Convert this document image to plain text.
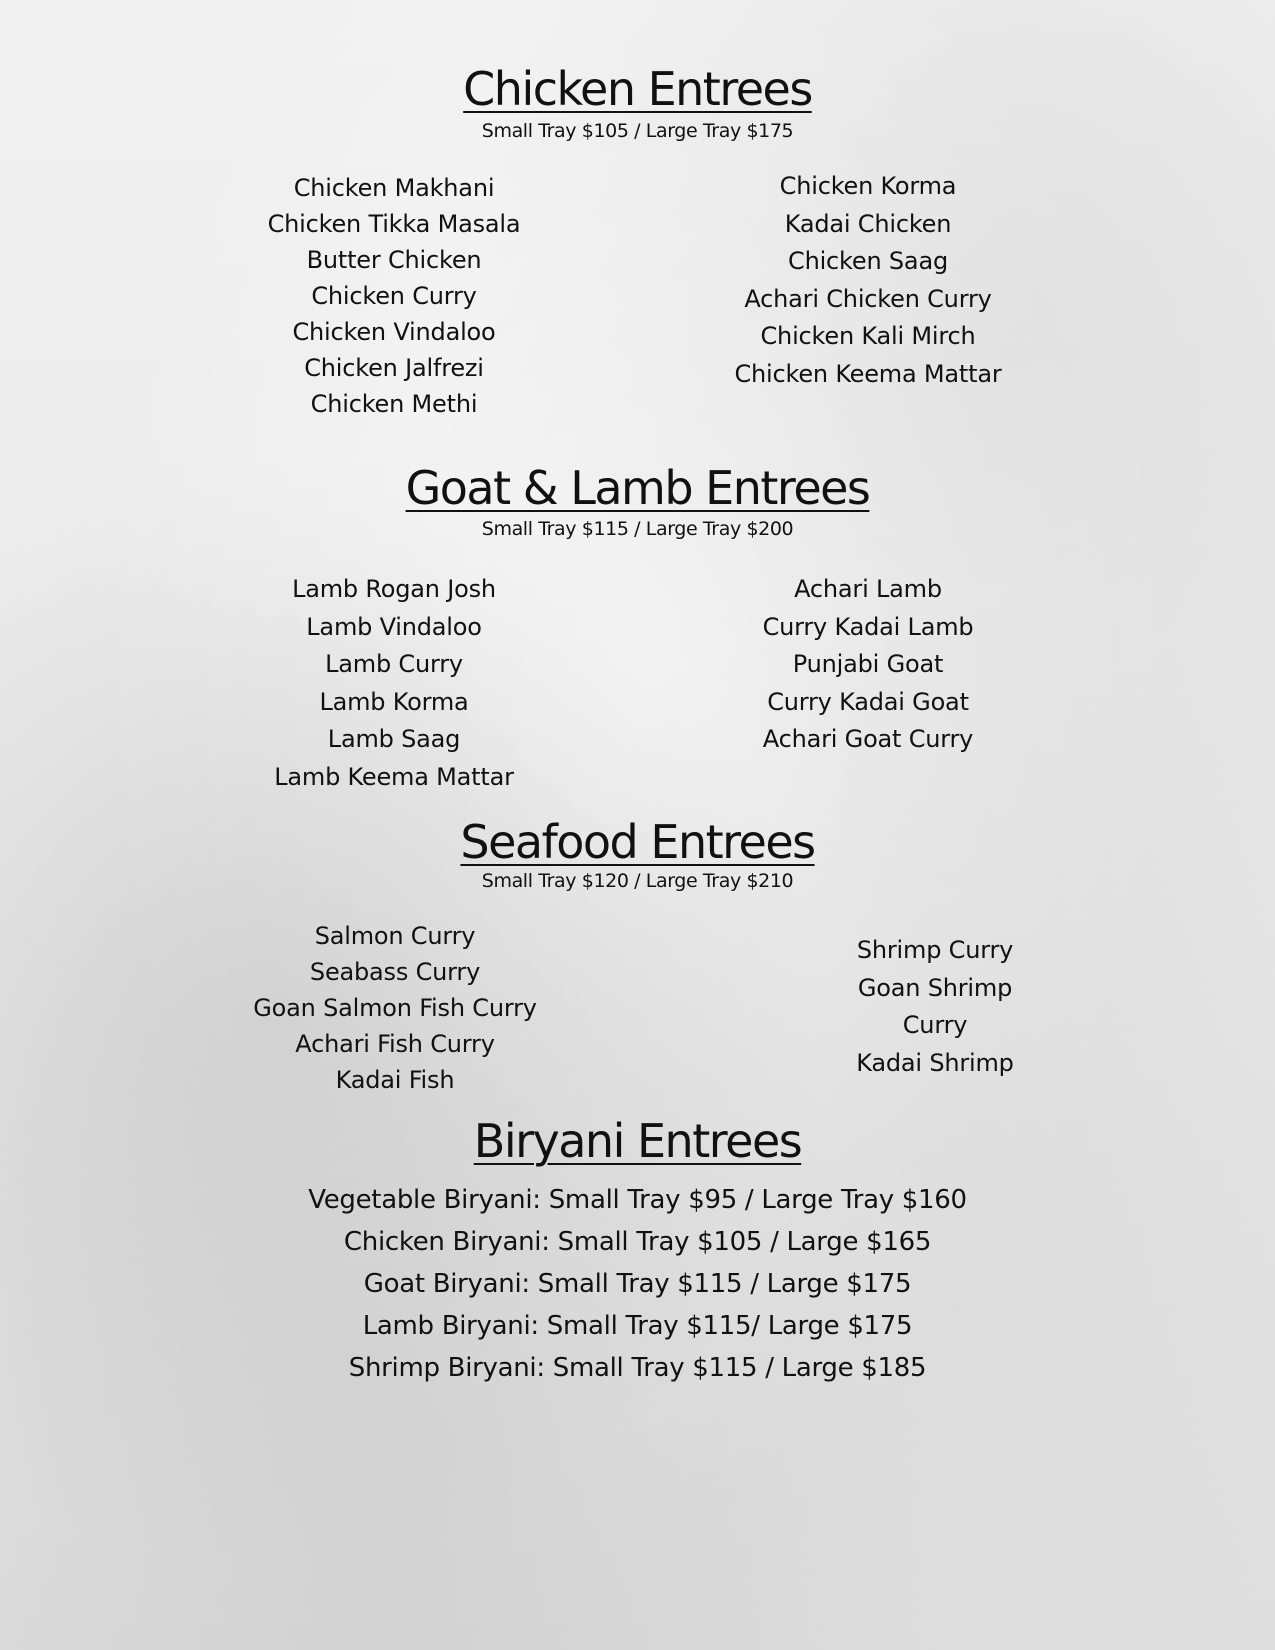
Chicken Entrees
Small Tray $105 / Large Tray $175
Chicken Makhani
Chicken Tikka Masala
Butter Chicken
Chicken Curry
Chicken Vindaloo
Chicken Jalfrezi
Chicken Methi
Chicken Korma
Kadai Chicken
Chicken Saag
Achari Chicken Curry
Chicken Kali Mirch
Chicken Keema Mattar
Goat & Lamb Entrees
Small Tray $115 / Large Tray $200
Lamb Rogan Josh
Lamb Vindaloo
Lamb Curry
Lamb Korma
Lamb Saag
Lamb Keema Mattar
Achari Lamb
Curry Kadai Lamb
Punjabi Goat
Curry Kadai Goat
Achari Goat Curry
Seafood Entrees
Small Tray $120 / Large Tray $210
Salmon Curry
Seabass Curry
Goan Salmon Fish Curry
Achari Fish Curry
Kadai Fish
Shrimp Curry
Goan Shrimp
Curry
Kadai Shrimp
Biryani Entrees
Vegetable Biryani: Small Tray $95 / Large Tray $160
Chicken Biryani: Small Tray $105 / Large $165
Goat Biryani: Small Tray $115 / Large $175
Lamb Biryani: Small Tray $115/ Large $175
Shrimp Biryani: Small Tray $115 / Large $185
